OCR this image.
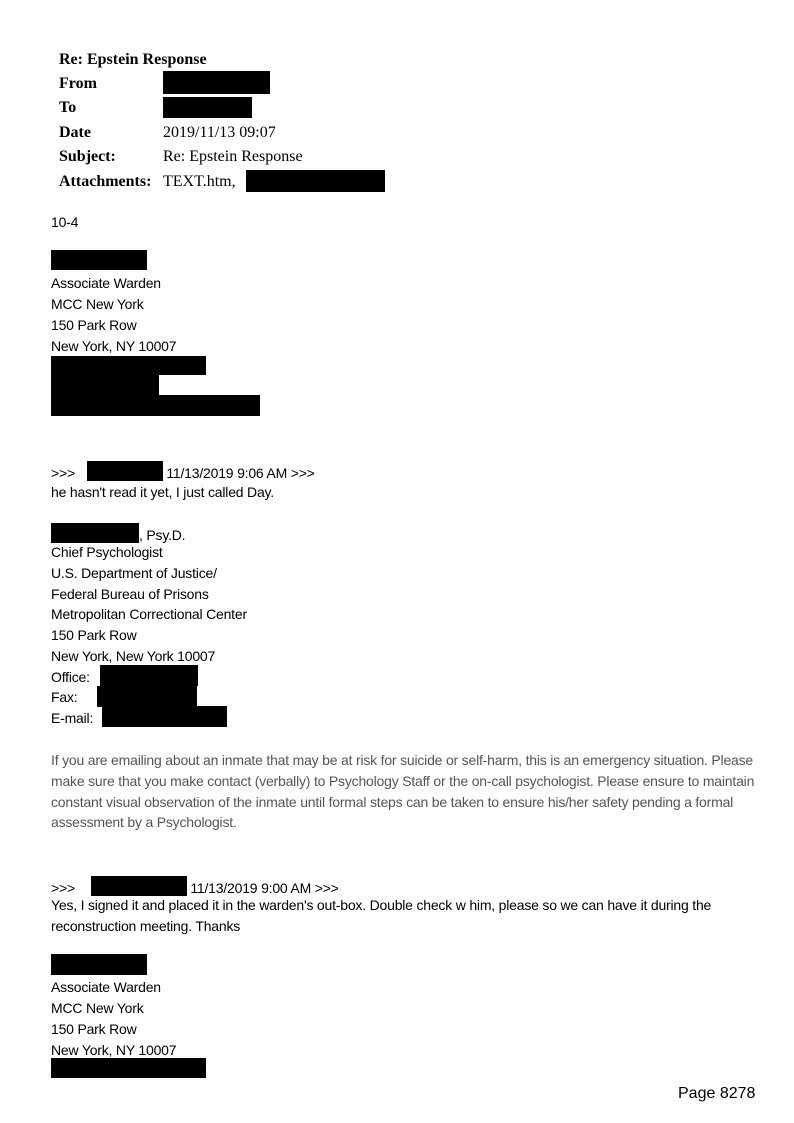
Re: Epstein Response
From
To
Date	2019/11/13 09:07
Subject:	Re: Epstein Response
Attachments: TEXT.htm,
10-4
Associate Warden
MCC New York
150 Park Row
New York, NY 10007
>>>	11/13/2019 9:06 AM >>>
he hasn't read it yet, I just called Day.
, Psy.D.
Chief Psychologist
U.S. Department of Justice/
Federal Bureau of Prisons
Metropolitan Correctional Center
150 Park Row
New York, New York 10007
Office:
Fax:
E-mail:
If you are emailing about an inmate that may be at risk for suicide or self-harm, this is an emergency situation. Please make sure that you make contact (verbally) to Psychology Staff or the on-call psychologist. Please ensure to maintain constant visual observation of the inmate until formal steps can be taken to ensure his/her safety pending a formal assessment by a Psychologist.
>>>	11/13/2019 9:00 AM >>>
Yes, I signed it and placed it in the warden's out-box. Double check w him, please so we can have it during the reconstruction meeting. Thanks
Associate Warden
MCC New York
150 Park Row
New York, NY 10007
Page 8278
